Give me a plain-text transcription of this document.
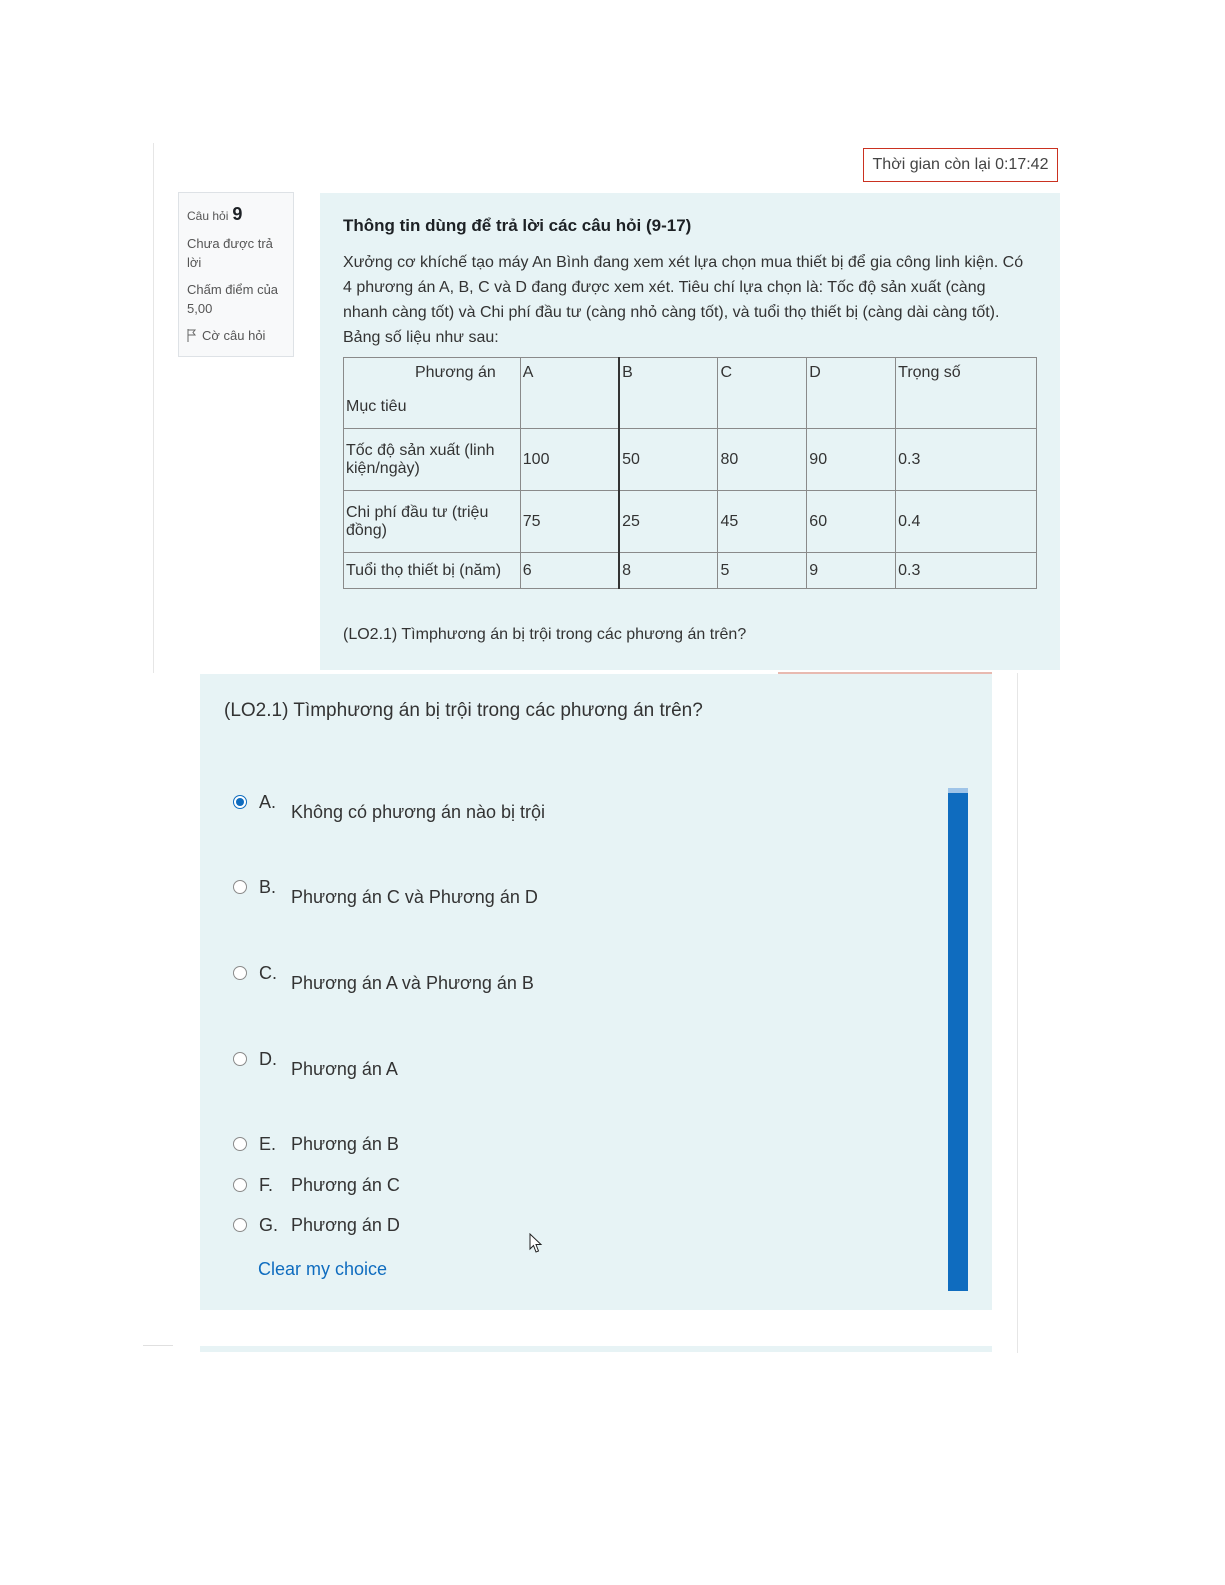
Thời gian còn lại 0:17:42
Câu hỏi 9
Chưa được trả lời
Chấm điểm của 5,00
Cờ câu hỏi
Thông tin dùng để trả lời các câu hỏi (9-17)
Xưởng cơ khíchế tạo máy An Bình đang xem xét lựa chọn mua thiết bị để gia công linh kiện. Có 4 phương án A, B, C và D đang được xem xét. Tiêu chí lựa chọn là: Tốc độ sản xuất (càng nhanh càng tốt) và Chi phí đầu tư (càng nhỏ càng tốt), và tuổi thọ thiết bị (càng dài càng tốt). Bảng số liệu như sau:
Phương án
Mục tiêu	A	B	C	D	Trọng số
Tốc độ sản xuất (linh kiện/ngày)	100	50	80	90	0.3
Chi phí đầu tư (triệu đồng)	75	25	45	60	0.4
Tuổi thọ thiết bị (năm)	6	8	5	9	0.3
(LO2.1) Tìmphương án bị trội trong các phương án trên?
(LO2.1) Tìmphương án bị trội trong các phương án trên?
A. Không có phương án nào bị trội
B. Phương án C và Phương án D
C. Phương án A và Phương án B
D. Phương án A
E. Phương án B
F. Phương án C
G. Phương án D
Clear my choice
